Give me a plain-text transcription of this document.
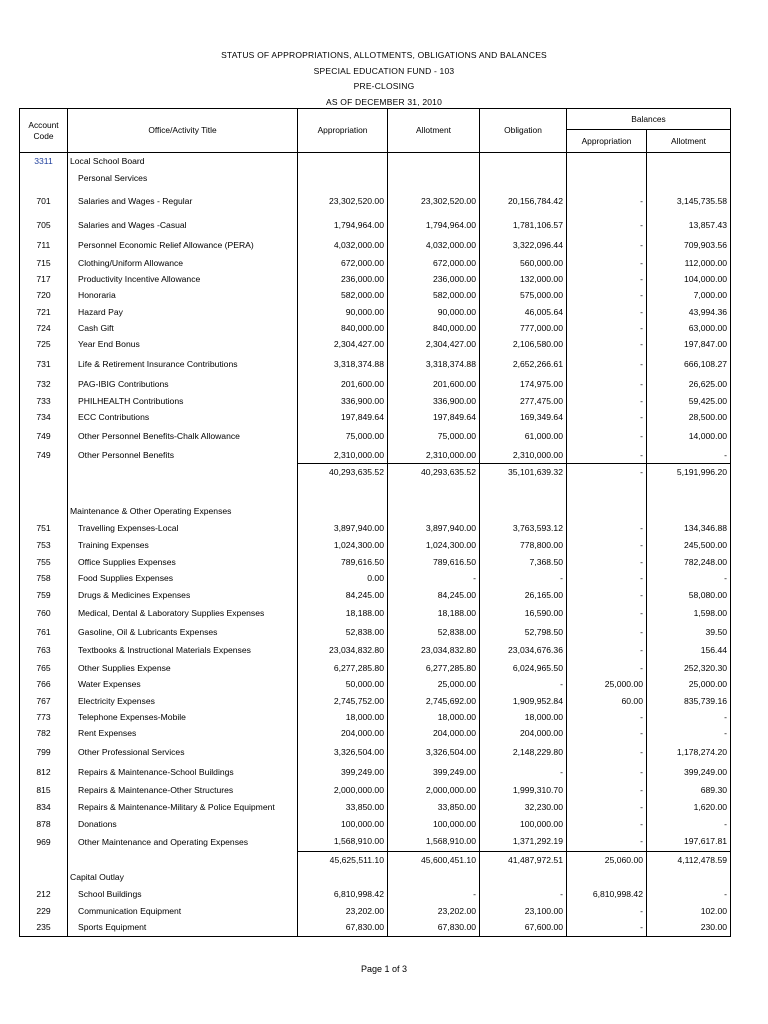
STATUS OF APPROPRIATIONS, ALLOTMENTS, OBLIGATIONS AND BALANCES
SPECIAL EDUCATION FUND - 103
PRE-CLOSING
AS OF DECEMBER 31, 2010
Account Code	Office/Activity Title	Appropriation	Allotment	Obligation	Balances	
					Appropriation	Allotment
3311	Local School Board					
	Personal Services					
701	Salaries and Wages - Regular	23,302,520.00	23,302,520.00	20,156,784.42	-	3,145,735.58
705	Salaries and Wages -Casual	1,794,964.00	1,794,964.00	1,781,106.57	-	13,857.43
711	Personnel Economic Relief Allowance (PERA)	4,032,000.00	4,032,000.00	3,322,096.44	-	709,903.56
715	Clothing/Uniform Allowance	672,000.00	672,000.00	560,000.00	-	112,000.00
717	Productivity Incentive Allowance	236,000.00	236,000.00	132,000.00	-	104,000.00
720	Honoraria	582,000.00	582,000.00	575,000.00	-	7,000.00
721	Hazard Pay	90,000.00	90,000.00	46,005.64	-	43,994.36
724	Cash Gift	840,000.00	840,000.00	777,000.00	-	63,000.00
725	Year End Bonus	2,304,427.00	2,304,427.00	2,106,580.00	-	197,847.00
731	Life & Retirement Insurance Contributions	3,318,374.88	3,318,374.88	2,652,266.61	-	666,108.27
732	PAG-IBIG Contributions	201,600.00	201,600.00	174,975.00	-	26,625.00
733	PHILHEALTH Contributions	336,900.00	336,900.00	277,475.00	-	59,425.00
734	ECC Contributions	197,849.64	197,849.64	169,349.64	-	28,500.00
749	Other Personnel Benefits-Chalk Allowance	75,000.00	75,000.00	61,000.00	-	14,000.00
749	Other Personnel Benefits	2,310,000.00	2,310,000.00	2,310,000.00	-	-
		40,293,635.52	40,293,635.52	35,101,639.32	-	5,191,996.20

	Maintenance & Other Operating Expenses					
751	Travelling Expenses-Local	3,897,940.00	3,897,940.00	3,763,593.12	-	134,346.88
753	Training Expenses	1,024,300.00	1,024,300.00	778,800.00	-	245,500.00
755	Office Supplies Expenses	789,616.50	789,616.50	7,368.50	-	782,248.00
758	Food Supplies Expenses	0.00	-	-	-	-
759	Drugs & Medicines Expenses	84,245.00	84,245.00	26,165.00	-	58,080.00
760	Medical, Dental & Laboratory Supplies Expenses	18,188.00	18,188.00	16,590.00	-	1,598.00
761	Gasoline, Oil & Lubricants Expenses	52,838.00	52,838.00	52,798.50	-	39.50
763	Textbooks & Instructional Materials Expenses	23,034,832.80	23,034,832.80	23,034,676.36	-	156.44
765	Other Supplies Expense	6,277,285.80	6,277,285.80	6,024,965.50	-	252,320.30
766	Water Expenses	50,000.00	25,000.00	-	25,000.00	25,000.00
767	Electricity Expenses	2,745,752.00	2,745,692.00	1,909,952.84	60.00	835,739.16
773	Telephone Expenses-Mobile	18,000.00	18,000.00	18,000.00	-	-
782	Rent Expenses	204,000.00	204,000.00	204,000.00	-	-
799	Other Professional Services	3,326,504.00	3,326,504.00	2,148,229.80	-	1,178,274.20
812	Repairs & Maintenance-School Buildings	399,249.00	399,249.00	-	-	399,249.00
815	Repairs & Maintenance-Other Structures	2,000,000.00	2,000,000.00	1,999,310.70	-	689.30
834	Repairs & Maintenance-Military & Police Equipment	33,850.00	33,850.00	32,230.00	-	1,620.00
878	Donations	100,000.00	100,000.00	100,000.00	-	-
969	Other Maintenance and Operating Expenses	1,568,910.00	1,568,910.00	1,371,292.19	-	197,617.81
		45,625,511.10	45,600,451.10	41,487,972.51	25,060.00	4,112,478.59
	Capital Outlay					
212	School Buildings	6,810,998.42	-	-	6,810,998.42	-
229	Communication Equipment	23,202.00	23,202.00	23,100.00	-	102.00
235	Sports Equipment	67,830.00	67,830.00	67,600.00	-	230.00
Page 1 of 3
